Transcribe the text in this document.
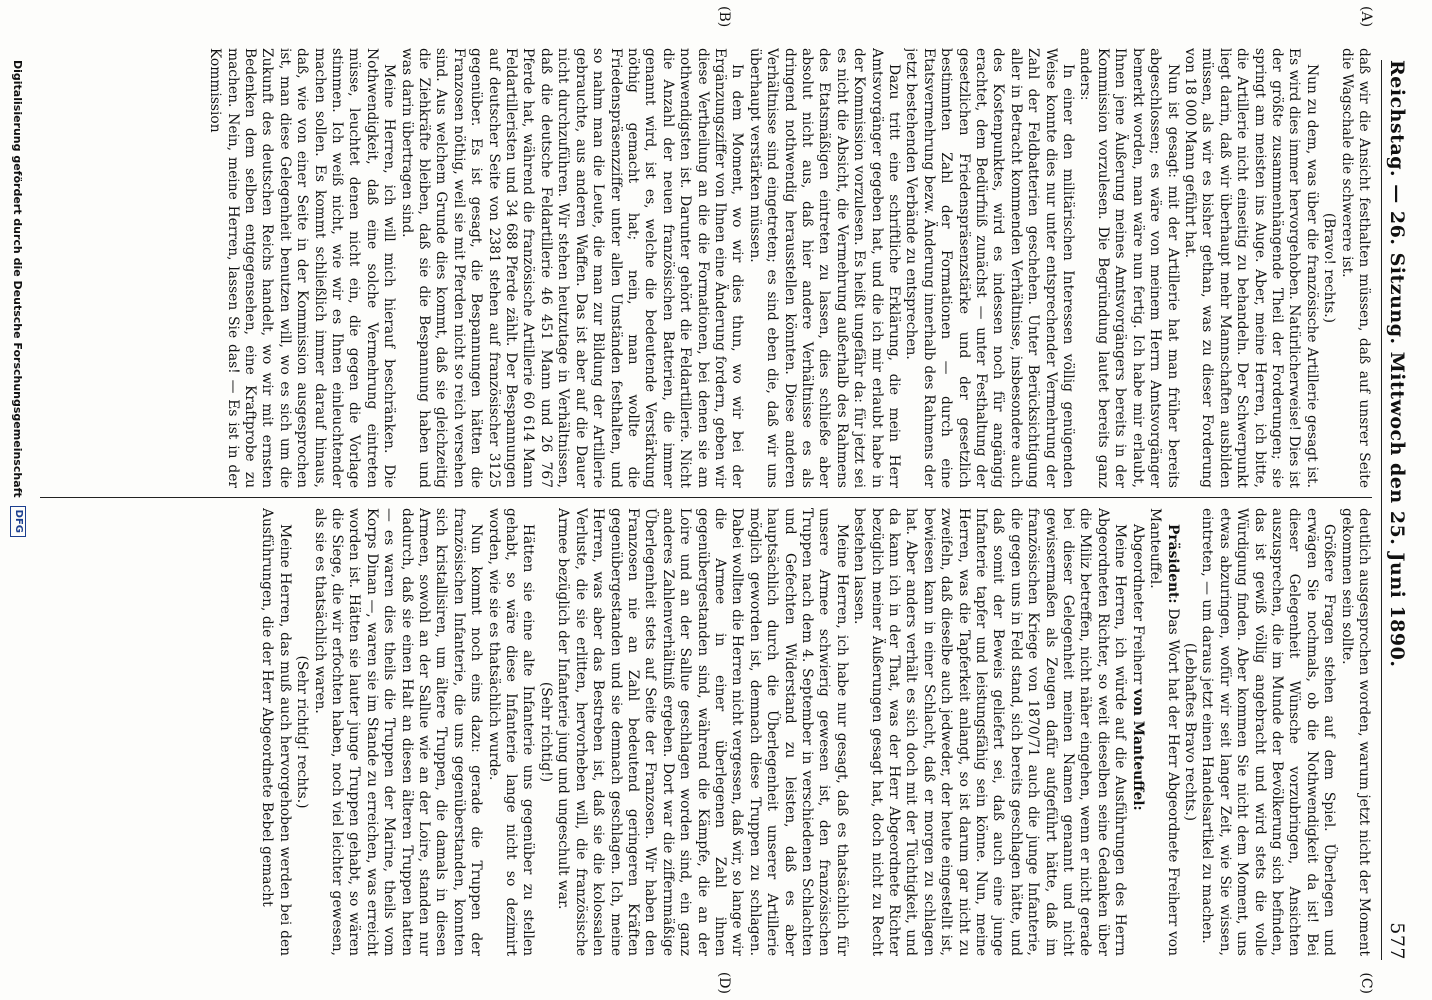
Reichstag. — 26. Sitzung. Mittwoch den 25. Juni 1890.
577
(A)
(B)
(C)
(D)

daß wir die Ansicht festhalten müssen, daß auf unsrer Seite die Wagschale die schwerere ist.

(Bravo! rechts.)

Nun zu dem, was über die französische Artillerie gesagt ist. Es wird dies immer hervorgehoben. Natürlicherweise! Dies ist der größte zusammenhängende Theil der Forderungen; sie springt am meisten ins Auge. Aber, meine Herren, ich bitte, die Artillerie nicht einseitig zu behandeln. Der Schwerpunkt liegt darin, daß wir überhaupt mehr Mannschaften ausbilden müssen, als wir es bisher gethan, was zu dieser Forderung von 18 000 Mann geführt hat.

Nun ist gesagt: mit der Artillerie hat man früher bereits abgeschlossen; es wäre von meinem Herrn Amtsvorgänger bemerkt worden, man wäre nun fertig. Ich habe mir erlaubt, Ihnen jene Äußerung meines Amtsvorgängers bereits in der Kommission vorzulesen. Die Begründung lautet bereits ganz anders:

In einer den militärischen Interessen völlig genügenden Weise konnte dies nur unter entsprechender Vermehrung der Zahl der Feldbatterien geschehen. Unter Berücksichtigung aller in Betracht kommenden Verhältnisse, insbesondere auch des Kostenpunktes, wird es indessen noch für angängig erachtet, dem Bedürfniß zunächst — unter Festhaltung der gesetzlichen Friedenspräsenzstärke und der gesetzlich bestimmten Zahl der Formationen — durch eine Etatsvermehrung bezw. Änderung innerhalb des Rahmens der jetzt bestehenden Verbände zu entsprechen.

Dazu tritt eine schriftliche Erklärung, die mein Herr Amtsvorgänger gegeben hat, und die ich mir erlaubt habe in der Kommission vorzulesen. Es heißt ungefähr da: für jetzt sei es nicht die Absicht, die Vermehrung außerhalb des Rahmens des Etatsmäßigen eintreten zu lassen, dies schließe aber absolut nicht aus, daß hier andere Verhältnisse es als dringend nothwendig herausstellen könnten. Diese anderen Verhältnisse sind eingetreten; es sind eben die, daß wir uns überhaupt verstärken müssen.

In dem Moment, wo wir dies thun, wo wir bei der Ergänzungsziffer von Ihnen eine Änderung fordern, geben wir diese Vertheilung an die die Formationen, bei denen sie am nothwendigsten ist. Darunter gehört die Feldartillerie. Nicht die Anzahl der neuen französischen Batterien, die immer genannt wird, ist es, welche die bedeutende Verstärkung nöthig gemacht hat; nein, man wollte die Friedenspräsenzziffer unter allen Umständen festhalten, und so nahm man die Leute, die man zur Bildung der Artillerie gebrauchte, aus anderen Waffen. Das ist aber auf die Dauer nicht durchzuführen. Wir stehen heutzutage in Verhältnissen, daß die deutsche Feldartillerie 46 451 Mann und 26 767 Pferde hat, während die französische Artillerie 60 614 Mann Feldartilleristen und 34 688 Pferde zählt. Der Bespannungen auf deutscher Seite von 2381 stehen auf französischer 3125 gegenüber. Es ist gesagt, die Bespannungen hätten die Franzosen nöthig, weil sie mit Pferden nicht so reich versehen sind. Aus welchem Grunde dies kommt, daß sie gleichzeitig die Ziehkräfte bleiben, daß sie die Bespannung haben und was darin übertragen sind.

Meine Herren, ich will mich hierauf beschränken. Die Nothwendigkeit, daß eine solche Vermehrung eintreten müsse, leuchtet denen nicht ein, die gegen die Vorlage stimmen. Ich weiß nicht, wie wir es Ihnen einleuchtender machen sollen. Es kommt schließlich immer darauf hinaus, daß, wie von einer Seite in der Kommission ausgesprochen ist, man diese Gelegenheit benutzen will, wo es sich um die Zukunft des deutschen Reichs handelt, wo wir mit ernsten Bedenken dem selben entgegensehen, eine Kraftprobe zu machen. Nein, meine Herren, lassen Sie das! — Es ist in der Kommission

deutlich ausgesprochen worden, warum jetzt nicht der Moment gekommen sein sollte.

Größere Fragen stehen auf dem Spiel. Überlegen und erwägen Sie nochmals, ob die Nothwendigkeit da ist! Bei dieser Gelegenheit Wünsche vorzubringen, Ansichten auszusprechen, die im Munde der Bevölkerung sich befinden, das ist gewiß völlig angebracht und wird stets die volle Würdigung finden. Aber kommen Sie nicht dem Moment, uns etwas abzuringen, wofür wir seit langer Zeit, wie Sie wissen, eintreten, — um daraus jetzt einen Handelsartikel zu machen.

(Lebhaftes Bravo rechts.)

Präsident: Das Wort hat der Herr Abgeordnete Freiherr von Manteuffel.

Abgeordneter Freiherr von Manteuffel:

Meine Herren, ich würde auf die Ausführungen des Herrn Abgeordneten Richter, so weit dieselben seine Gedanken über die Miliz betreffen, nicht näher eingehen, wenn er nicht gerade bei dieser Gelegenheit meinen Namen genannt und nicht gewissermaßen als Zeugen dafür aufgeführt hätte, daß im französischen Kriege von 1870/71 auch die junge Infanterie, die gegen uns in Feld stand, sich bereits geschlagen hätte, und daß somit der Beweis geliefert sei, daß auch eine junge Infanterie tapfer und leistungsfähig sein könne. Nun, meine Herren, was die Tapferkeit anlangt, so ist darum gar nicht zu zweifeln, daß dieselbe auch jedweder, der heute eingestellt ist, bewiesen kann in einer Schlacht, daß er morgen zu schlagen hat. Aber anders verhält es sich doch mit der Tüchtigkeit, und da kann ich in der That, was der Herr Abgeordnete Richter bezüglich meiner Äußerungen gesagt hat, doch nicht zu Recht bestehen lassen.

Meine Herren, ich habe nur gesagt, daß es thatsächlich für unsere Armee schwierig gewesen ist, den französischen Truppen nach dem 4. September in verschiedenen Schlachten und Gefechten Widerstand zu leisten, daß es aber hauptsächlich durch die Überlegenheit unserer Artillerie möglich geworden ist, demnach diese Truppen zu schlagen. Dabei wollten die Herren nicht vergessen, daß wir, so lange wir die Armee in einer überlegenen Zahl ihnen gegenübergestanden sind, während die Kämpfe, die an der Loire und an der Sallue geschlagen worden sind, ein ganz anderes Zahlenverhältniß ergeben. Dort war die ziffernmäßige Überlegenheit stets auf Seite der Franzosen. Wir haben den Franzosen nie an Zahl bedeutend geringeren Kräften gegenübergestanden und sie demnach geschlagen. Ich, meine Herren, was aber das Bestreben ist, daß sie die kolossalen Verluste, die sie erlitten, hervorheben will, die französische Armee bezüglich der Infanterie jung und ungeschult war.

(Sehr richtig!)

Hätten sie eine alte Infanterie uns gegenüber zu stellen gehabt, so wäre diese Infanterie lange nicht so dezimirt worden, wie sie es thatsächlich wurde.

Nun kommt noch eins dazu: gerade die Truppen der französischen Infanterie, die uns gegenüberstanden, konnten sich kristallisiren, um ältere Truppen, die damals in diesen Armeen, sowohl an der Sallue wie an der Loire, standen nur dadurch, daß sie einen Halt an diesen älteren Truppen hatten — es waren dies theils die Truppen der Marine, theils vom Korps Dinan —, waren sie im Stande zu erreichen, was erreicht worden ist. Hätten sie lauter junge Truppen gehabt, so wären die Siege, die wir erfochten haben, noch viel leichter gewesen, als sie es thatsächlich waren.

(Sehr richtig! rechts.)

Meine Herren, das muß auch hervorgehoben werden bei den Ausführungen, die der Herr Abgeordnete Bebel gemacht

Digitalisierung gefördert durch die Deutsche Forschungsgemeinschaft
DFG
